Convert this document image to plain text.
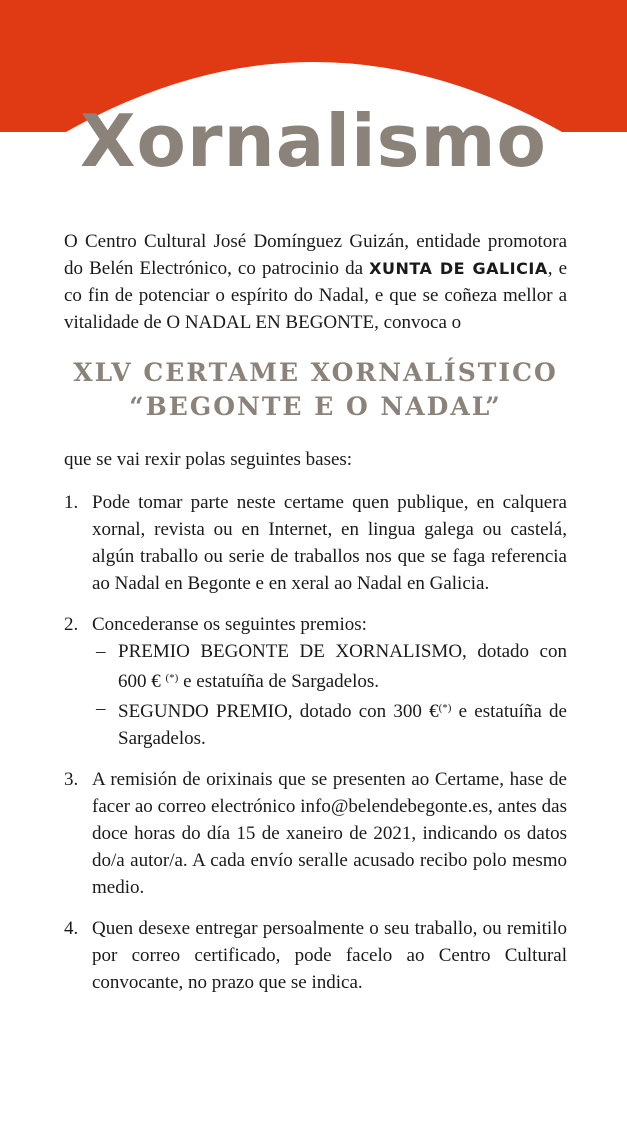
Xornalismo

O Centro Cultural José Domínguez Guizán, entidade promotora do Belén Electrónico, co patrocinio da XUNTA DE GALICIA, e co fin de potenciar o espírito do Nadal, e que se coñeza mellor a vitalidade de O NADAL EN BEGONTE, convoca o

XLV CERTAME XORNALÍSTICO
“BEGONTE E O NADAL”

que se vai rexir polas seguintes bases:

1. Pode tomar parte neste certame quen publique, en calquera xornal, revista ou en Internet, en lingua galega ou castelá, algún traballo ou serie de traballos nos que se faga referencia ao Nadal en Begonte e en xeral ao Nadal en Galicia.
2. Concederanse os seguintes premios:
– PREMIO BEGONTE DE XORNALISMO, dotado con 600 € (*) e estatuíña de Sargadelos.
– SEGUNDO PREMIO, dotado con 300 €(*) e estatuíña de Sargadelos.
3. A remisión de orixinais que se presenten ao Certame, hase de facer ao correo electrónico info@belendebegonte.es, antes das doce horas do día 15 de xaneiro de 2021, indicando os datos do/a autor/a. A cada envío seralle acusado recibo polo mesmo medio.
4. Quen desexe entregar persoalmente o seu traballo, ou remitilo por correo certificado, pode facelo ao Centro Cultural convocante, no prazo que se indica.
